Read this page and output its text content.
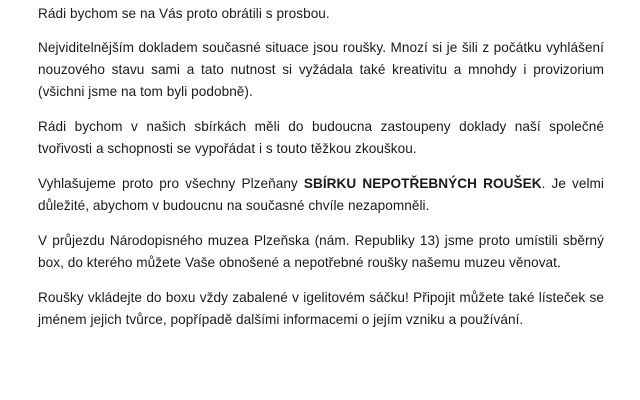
Rádi bychom se na Vás proto obrátili s prosbou.

Nejviditelnějším dokladem současné situace jsou roušky. Mnozí si je šili z počátku vyhlášení nouzového stavu sami a tato nutnost si vyžádala také kreativitu a mnohdy i provizorium (všichni jsme na tom byli podobně).

Rádi bychom v našich sbírkách měli do budoucna zastoupeny doklady naší společné tvořivosti a schopnosti se vypořádat i s touto těžkou zkouškou.

Vyhlašujeme proto pro všechny Plzeňany SBÍRKU NEPOTŘEBNÝCH ROUŠEK. Je velmi důležité, abychom v budoucnu na současné chvíle nezapomněli.

V průjezdu Národopisného muzea Plzeňska (nám. Republiky 13) jsme proto umístili sběrný box, do kterého můžete Vaše obnošené a nepotřebné roušky našemu muzeu věnovat.

Roušky vkládejte do boxu vždy zabalené v igelitovém sáčku! Připojit můžete také lísteček se jménem jejich tvůrce, popřípadě dalšími informacemi o jejím vzniku a používání.
